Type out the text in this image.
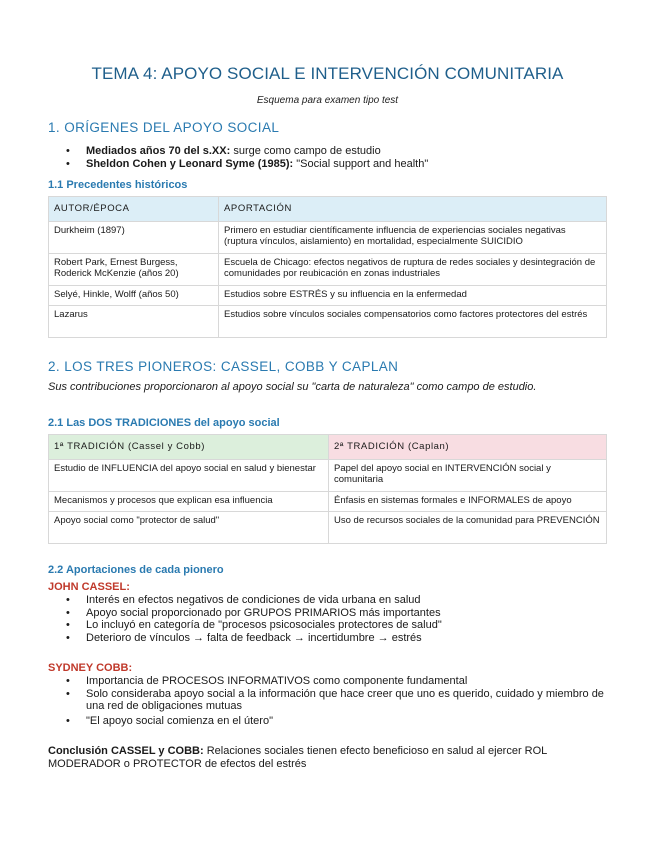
TEMA 4: APOYO SOCIAL E INTERVENCIÓN COMUNITARIA
Esquema para examen tipo test
1. ORÍGENES DEL APOYO SOCIAL
• Mediados años 70 del s.XX: surge como campo de estudio
• Sheldon Cohen y Leonard Syme (1985): "Social support and health"
1.1 Precedentes históricos
AUTOR/ÉPOCA	APORTACIÓN
Durkheim (1897)	Primero en estudiar científicamente influencia de experiencias sociales negativas (ruptura vínculos, aislamiento) en mortalidad, especialmente SUICIDIO
Robert Park, Ernest Burgess, Roderick McKenzie (años 20)	Escuela de Chicago: efectos negativos de ruptura de redes sociales y desintegración de comunidades por reubicación en zonas industriales
Selyé, Hinkle, Wolff (años 50)	Estudios sobre ESTRÉS y su influencia en la enfermedad
Lazarus	Estudios sobre vínculos sociales compensatorios como factores protectores del estrés
2. LOS TRES PIONEROS: CASSEL, COBB Y CAPLAN
Sus contribuciones proporcionaron al apoyo social su "carta de naturaleza" como campo de estudio.
2.1 Las DOS TRADICIONES del apoyo social
1ª TRADICIÓN (Cassel y Cobb)	2ª TRADICIÓN (Caplan)
Estudio de INFLUENCIA del apoyo social en salud y bienestar	Papel del apoyo social en INTERVENCIÓN social y comunitaria
Mecanismos y procesos que explican esa influencia	Énfasis en sistemas formales e INFORMALES de apoyo
Apoyo social como "protector de salud"	Uso de recursos sociales de la comunidad para PREVENCIÓN
2.2 Aportaciones de cada pionero
JOHN CASSEL:
• Interés en efectos negativos de condiciones de vida urbana en salud
• Apoyo social proporcionado por GRUPOS PRIMARIOS más importantes
• Lo incluyó en categoría de "procesos psicosociales protectores de salud"
• Deterioro de vínculos → falta de feedback → incertidumbre → estrés
SYDNEY COBB:
• Importancia de PROCESOS INFORMATIVOS como componente fundamental
• Solo consideraba apoyo social a la información que hace creer que uno es querido, cuidado y miembro de una red de obligaciones mutuas
• "El apoyo social comienza en el útero"
Conclusión CASSEL y COBB: Relaciones sociales tienen efecto beneficioso en salud al ejercer ROL MODERADOR o PROTECTOR de efectos del estrés
